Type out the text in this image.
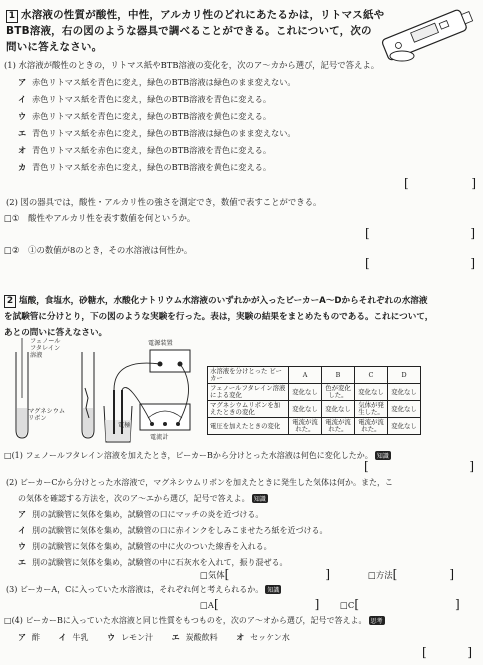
1 水溶液の性質が酸性，中性，アルカリ性のどれにあたるかは，リトマス紙や
BTB溶液，右の図のような器具で調べることができる。これについて，次の
問いに答えなさい。
(1) 水溶液が酸性のときの，リトマス紙やBTB溶液の変化を，次のア〜カから選び，記号で答えよ。
ア 赤色リトマス紙を青色に変え，緑色のBTB溶液は緑色のまま変えない。
イ 赤色リトマス紙を青色に変え，緑色のBTB溶液を青色に変える。
ウ 赤色リトマス紙を青色に変え，緑色のBTB溶液を黄色に変える。
エ 青色リトマス紙を赤色に変え，緑色のBTB溶液は緑色のまま変えない。
オ 青色リトマス紙を赤色に変え，緑色のBTB溶液を青色に変える。
カ 青色リトマス紙を赤色に変え，緑色のBTB溶液を黄色に変える。
[	]
(2) 図の器具では，酸性・アルカリ性の強さを測定でき，数値で表すことができる。
□① 酸性やアルカリ性を表す数値を何というか。
[	]
□② ①の数値が8のとき，その水溶液は何性か。
[	]
2 塩酸，食塩水，砂糖水，水酸化ナトリウム水溶液のいずれかが入ったビーカーA〜Dからそれぞれの水溶液
を試験管に分けとり，下の図のような実験を行った。表は，実験の結果をまとめたものである。これについて，
あとの問いに答えなさい。
フェノール
フタレイン
溶液
マグネシウム
リボン
電源装置
電極
電流計
水溶液を分けとった ビーカー	A	B	C	D
フェノールフタレイン溶液による変化	変化なし	色が変化した。	変化なし	変化なし
マグネシウムリボンを加えたときの変化	変化なし	変化なし	気体が発生した。	変化なし
電圧を加えたときの変化	電流が流れた。	電流が流れた。	電流が流れた。	変化なし
□(1) フェノールフタレイン溶液を加えたとき，ビーカーBから分けとった水溶液は何色に変化したか。 知識
[	]
(2) ビーカーCから分けとった水溶液で，マグネシウムリボンを加えたときに発生した気体は何か。また，こ
の気体を確認する方法を，次のア〜エから選び，記号で答えよ。 知識
ア 別の試験管に気体を集め，試験管の口にマッチの炎を近づける。
イ 別の試験管に気体を集め，試験管の口に赤インクをしみこませたろ紙を近づける。
ウ 別の試験管に気体を集め，試験管の中に火のついた線香を入れる。
エ 別の試験管に気体を集め，試験管の中に石灰水を入れて，振り混ぜる。
□気体[	]	□方法[	]
(3) ビーカーA，Cに入っていた水溶液は，それぞれ何と考えられるか。 知識
□A[	] □C[	]
□(4) ビーカーBに入っていた水溶液と同じ性質をもつものを，次のア〜オから選び，記号で答えよ。 思考
ア 酢 イ 牛乳 ウ レモン汁 エ 炭酸飲料 オ セッケン水
[	]
